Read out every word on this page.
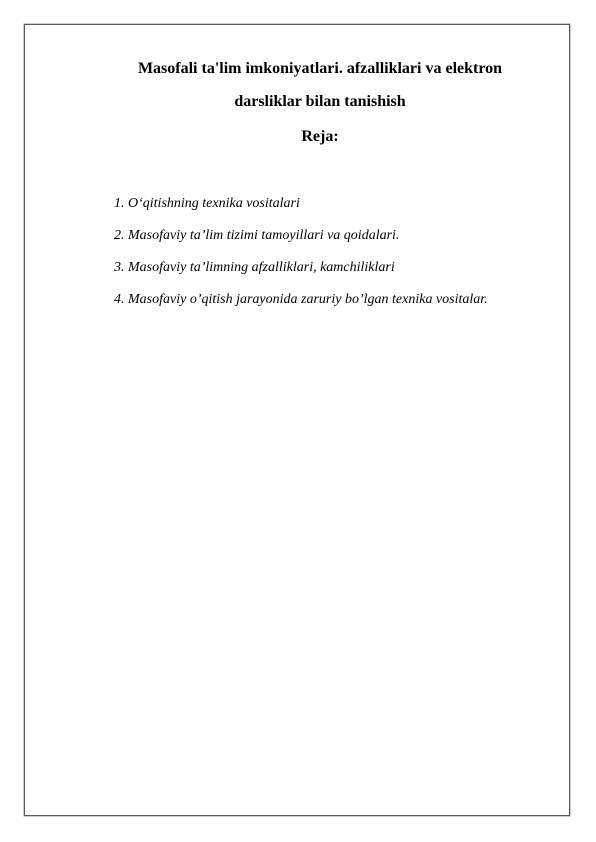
Masofali ta'lim imkoniyatlari. afzalliklari va elektron
darsliklar bilan tanishish
Reja:
1. O‘qitishning texnika vositalari
2. Masofaviy ta’lim tizimi tamoyillari va qoidalari.
3. Masofaviy ta’limning afzalliklari, kamchiliklari
4. Masofaviy o’qitish jarayonida zaruriy bo’lgan texnika vositalar.
